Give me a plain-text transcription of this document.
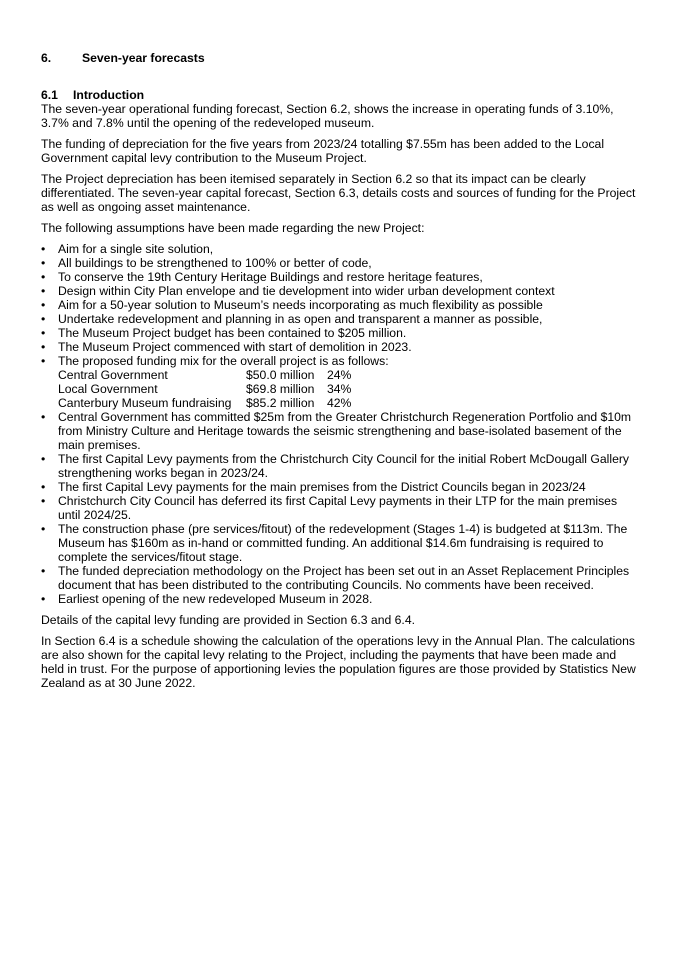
6.	Seven-year forecasts
6.1 Introduction

The seven-year operational funding forecast, Section 6.2, shows the increase in operating funds of 3.10%, 3.7% and 7.8% until the opening of the redeveloped museum.

The funding of depreciation for the five years from 2023/24 totalling $7.55m has been added to the Local Government capital levy contribution to the Museum Project.

The Project depreciation has been itemised separately in Section 6.2 so that its impact can be clearly differentiated. The seven-year capital forecast, Section 6.3, details costs and sources of funding for the Project as well as ongoing asset maintenance.

The following assumptions have been made regarding the new Project:

•	Aim for a single site solution,
•	All buildings to be strengthened to 100% or better of code,
•	To conserve the 19th Century Heritage Buildings and restore heritage features,
•	Design within City Plan envelope and tie development into wider urban development context
•	Aim for a 50-year solution to Museum’s needs incorporating as much flexibility as possible
•	Undertake redevelopment and planning in as open and transparent a manner as possible,
•	The Museum Project budget has been contained to $205 million.
•	The Museum Project commenced with start of demolition in 2023.
•	The proposed funding mix for the overall project is as follows:
Central Government	$50.0 million	24%
Local Government	$69.8 million	34%
Canterbury Museum fundraising	$85.2 million	42%
•	Central Government has committed $25m from the Greater Christchurch Regeneration Portfolio and $10m from Ministry Culture and Heritage towards the seismic strengthening and base-isolated basement of the main premises.
•	The first Capital Levy payments from the Christchurch City Council for the initial Robert McDougall Gallery strengthening works began in 2023/24.
•	The first Capital Levy payments for the main premises from the District Councils began in 2023/24
•	Christchurch City Council has deferred its first Capital Levy payments in their LTP for the main premises until 2024/25.
•	The construction phase (pre services/fitout) of the redevelopment (Stages 1-4) is budgeted at $113m. The Museum has $160m as in-hand or committed funding. An additional $14.6m fundraising is required to complete the services/fitout stage.
•	The funded depreciation methodology on the Project has been set out in an Asset Replacement Principles document that has been distributed to the contributing Councils. No comments have been received.
•	Earliest opening of the new redeveloped Museum in 2028.

Details of the capital levy funding are provided in Section 6.3 and 6.4.

In Section 6.4 is a schedule showing the calculation of the operations levy in the Annual Plan. The calculations are also shown for the capital levy relating to the Project, including the payments that have been made and held in trust. For the purpose of apportioning levies the population figures are those provided by Statistics New Zealand as at 30 June 2022.
